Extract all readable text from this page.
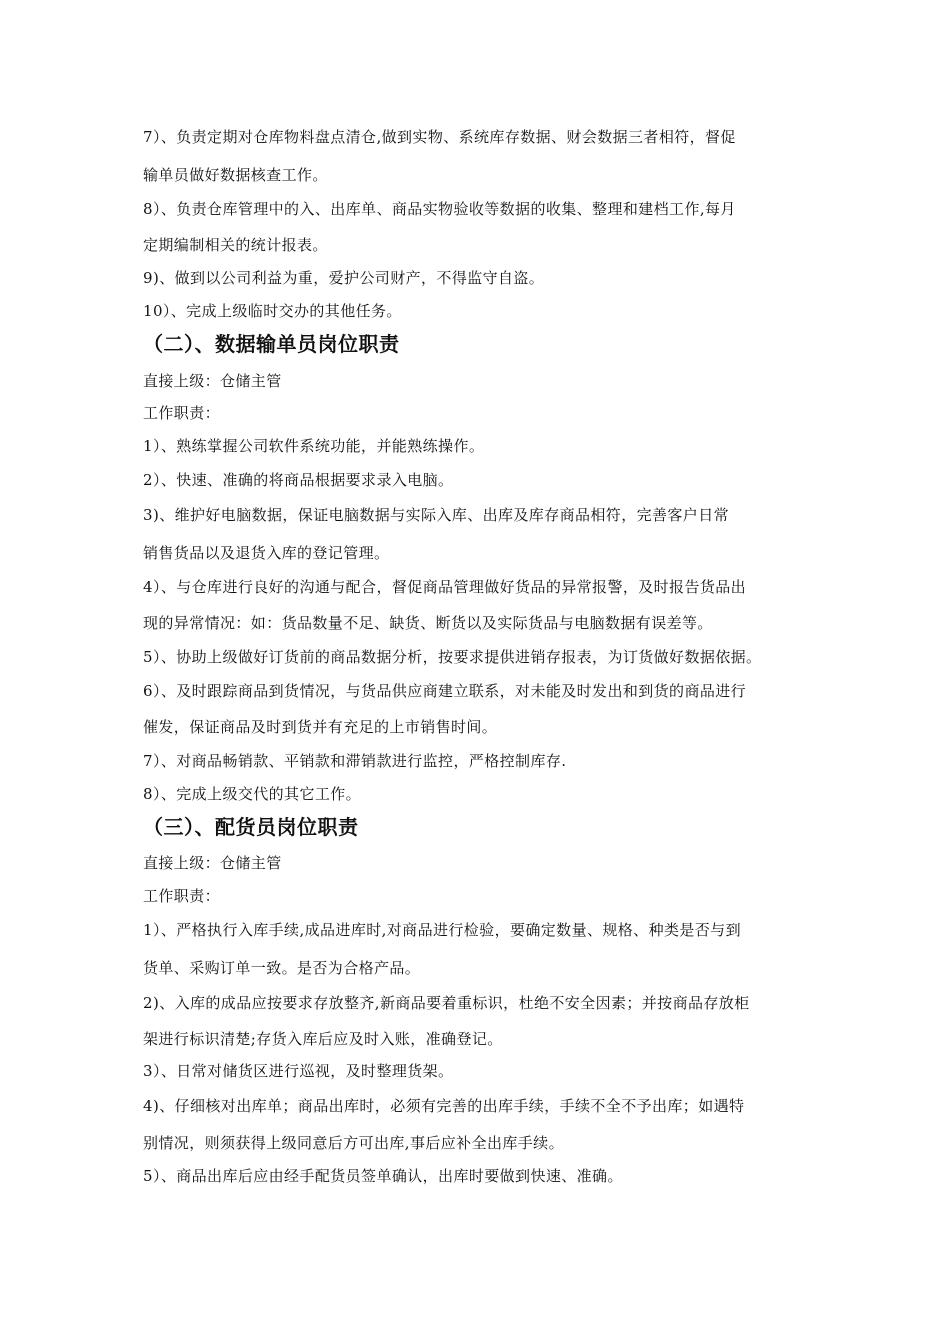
7）、负责定期对仓库物料盘点清仓,做到实物、系统库存数据、财会数据三者相符，督促
输单员做好数据核查工作。
8）、负责仓库管理中的入、出库单、商品实物验收等数据的收集、整理和建档工作,每月
定期编制相关的统计报表。
9)、做到以公司利益为重，爱护公司财产，不得监守自盗。
10）、完成上级临时交办的其他任务。
（二）、数据输单员岗位职责
直接上级：仓储主管
工作职责：
1）、熟练掌握公司软件系统功能，并能熟练操作。
2）、快速、准确的将商品根据要求录入电脑。
3)、维护好电脑数据，保证电脑数据与实际入库、出库及库存商品相符，完善客户日常
销售货品以及退货入库的登记管理。
4）、与仓库进行良好的沟通与配合，督促商品管理做好货品的异常报警，及时报告货品出
现的异常情况：如：货品数量不足、缺货、断货以及实际货品与电脑数据有误差等。
5）、协助上级做好订货前的商品数据分析，按要求提供进销存报表，为订货做好数据依据。
6）、及时跟踪商品到货情况，与货品供应商建立联系，对未能及时发出和到货的商品进行
催发，保证商品及时到货并有充足的上市销售时间。
7）、对商品畅销款、平销款和滞销款进行监控，严格控制库存.
8）、完成上级交代的其它工作。
（三）、配货员岗位职责
直接上级：仓储主管
工作职责：
1）、严格执行入库手续,成品进库时,对商品进行检验，要确定数量、规格、种类是否与到
货单、采购订单一致。是否为合格产品。
2)、入库的成品应按要求存放整齐,新商品要着重标识，杜绝不安全因素；并按商品存放柜
架进行标识清楚;存货入库后应及时入账，准确登记。
3）、日常对储货区进行巡视，及时整理货架。
4)、仔细核对出库单；商品出库时，必须有完善的出库手续，手续不全不予出库；如遇特
别情况，则须获得上级同意后方可出库,事后应补全出库手续。
5）、商品出库后应由经手配货员签单确认，出库时要做到快速、准确。
